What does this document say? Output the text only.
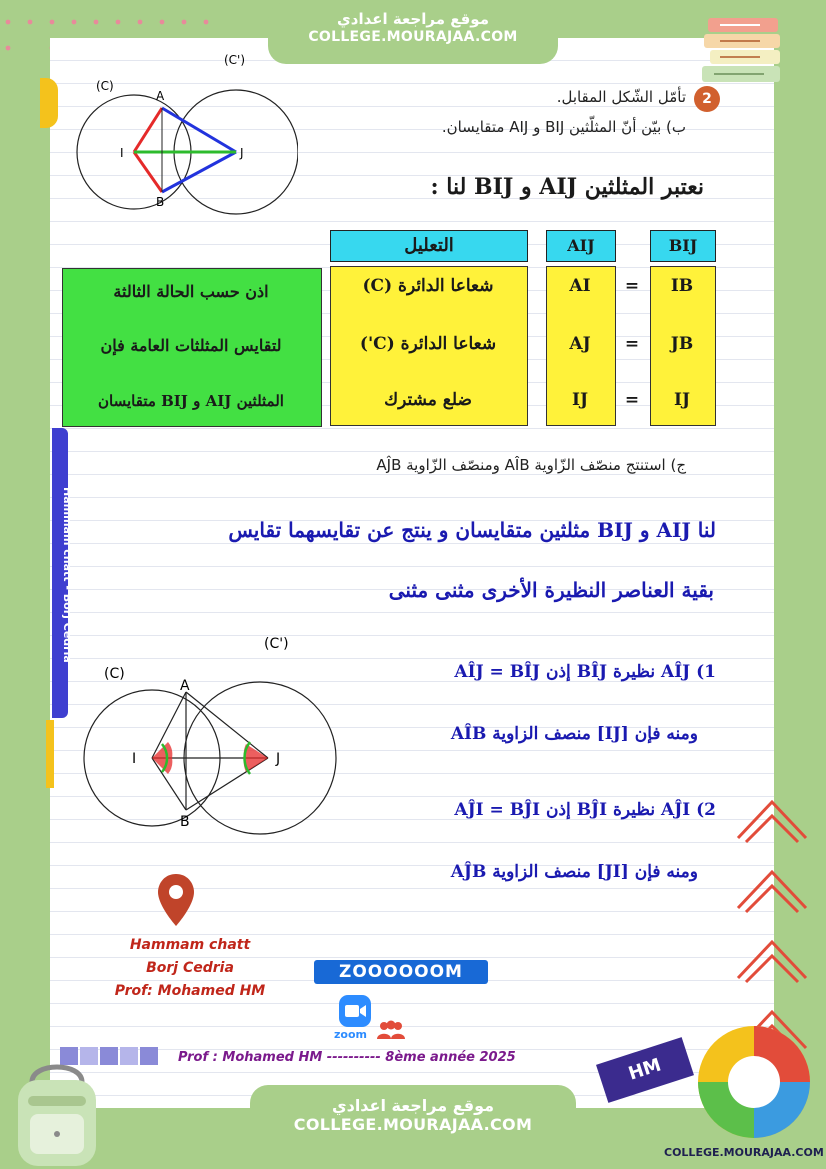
Hammam chatt - Borj Cedria
موقع مراجعة اعدادي
COLLEGE.MOURAJAA.COM
(C)
(C')
A
B
I	J
2
تأمّل الشّكل المقابل.
ب) بيّن أنّ المثلّثين BIJ و AIJ متقايسان.
نعتبر المثلثين AIJ و BIJ لنا :
التعليل	AIJ	BIJ
شعاعا الدائرة (C)	AI	=	IB
شعاعا الدائرة (C')	AJ	=	JB
ضلع مشترك	IJ	=	IJ
اذن حسب الحالة الثالثة
لتقايس المثلثات العامة فإن
المثلثين AIJ و BIJ متقايسان
ج) استنتج منصّف الزّاوية AÎB ومنصّف الزّاوية AĴB
لنا AIJ و BIJ مثلثين متقايسان و ينتج عن تقايسهما تقايس
بقية العناصر النظيرة الأخرى مثنى مثنى
(C)
(C')
A
B
I	J
1) AÎJ نظيرة BÎJ إذن AÎJ = BÎJ
ومنه فإن [IJ] منصف الزاوية AÎB
2) AĴI نظيرة BĴI إذن AĴI = BĴI
ومنه فإن [JI] منصف الزاوية AĴB
Hammam chatt
Borj Cedria
Prof: Mohamed HM
ZOOOOOOM
zoom
Prof : Mohamed HM ---------- 8ème année 2025	HM
COLLEGE.MOURAJAA.COM
موقع مراجعة اعدادي
COLLEGE.MOURAJAA.COM
